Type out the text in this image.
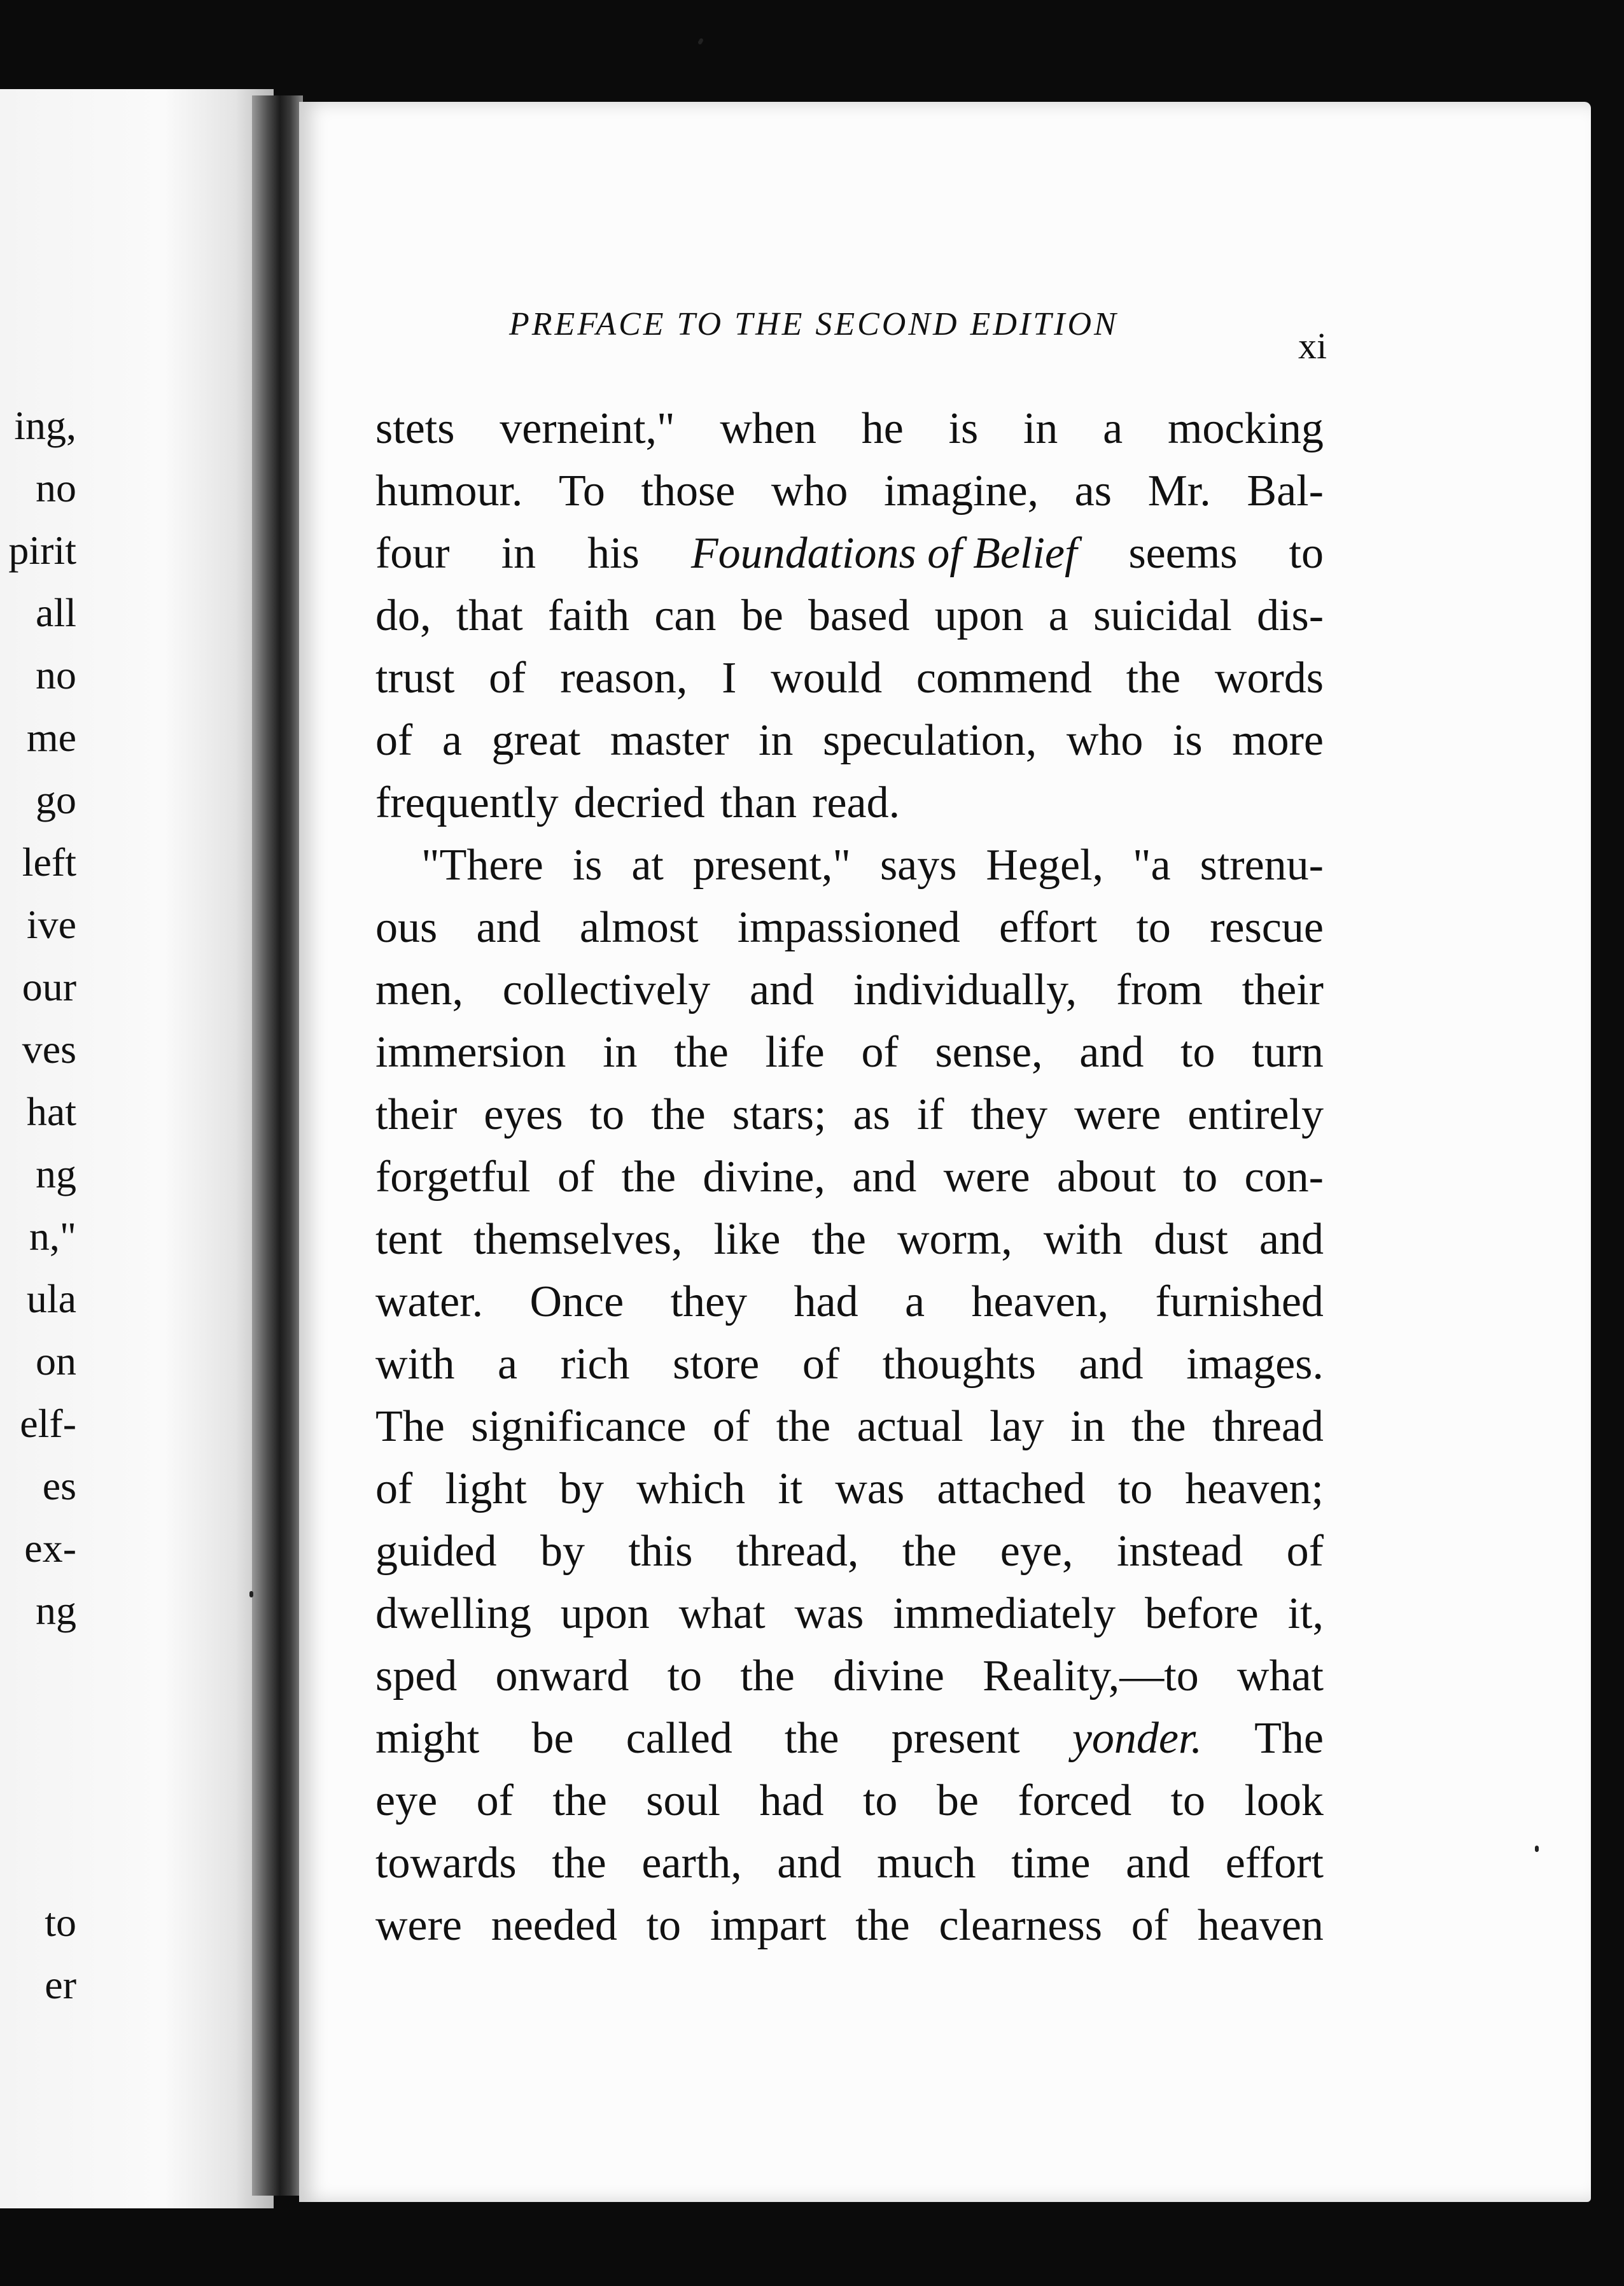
ing,
no
pirit
all
no
me
go
left
ive
our
ves
hat
ng
n,"
ula
on
elf-
es
ex-
ng
to
er
PREFACE TO THE SECOND EDITION
xi
stets verneint," when he is in a mocking
humour. To those who imagine, as Mr. Bal-
four in his Foundations of Belief seems to
do, that faith can be based upon a suicidal dis-
trust of reason, I would commend the words
of a great master in speculation, who is more
frequently decried than read.
"There is at present," says Hegel, "a strenu-
ous and almost impassioned effort to rescue
men, collectively and individually, from their
immersion in the life of sense, and to turn
their eyes to the stars; as if they were entirely
forgetful of the divine, and were about to con-
tent themselves, like the worm, with dust and
water. Once they had a heaven, furnished
with a rich store of thoughts and images.
The significance of the actual lay in the thread
of light by which it was attached to heaven;
guided by this thread, the eye, instead of
dwelling upon what was immediately before it,
sped onward to the divine Reality,—to what
might be called the present yonder. The
eye of the soul had to be forced to look
towards the earth, and much time and effort
were needed to impart the clearness of heaven
